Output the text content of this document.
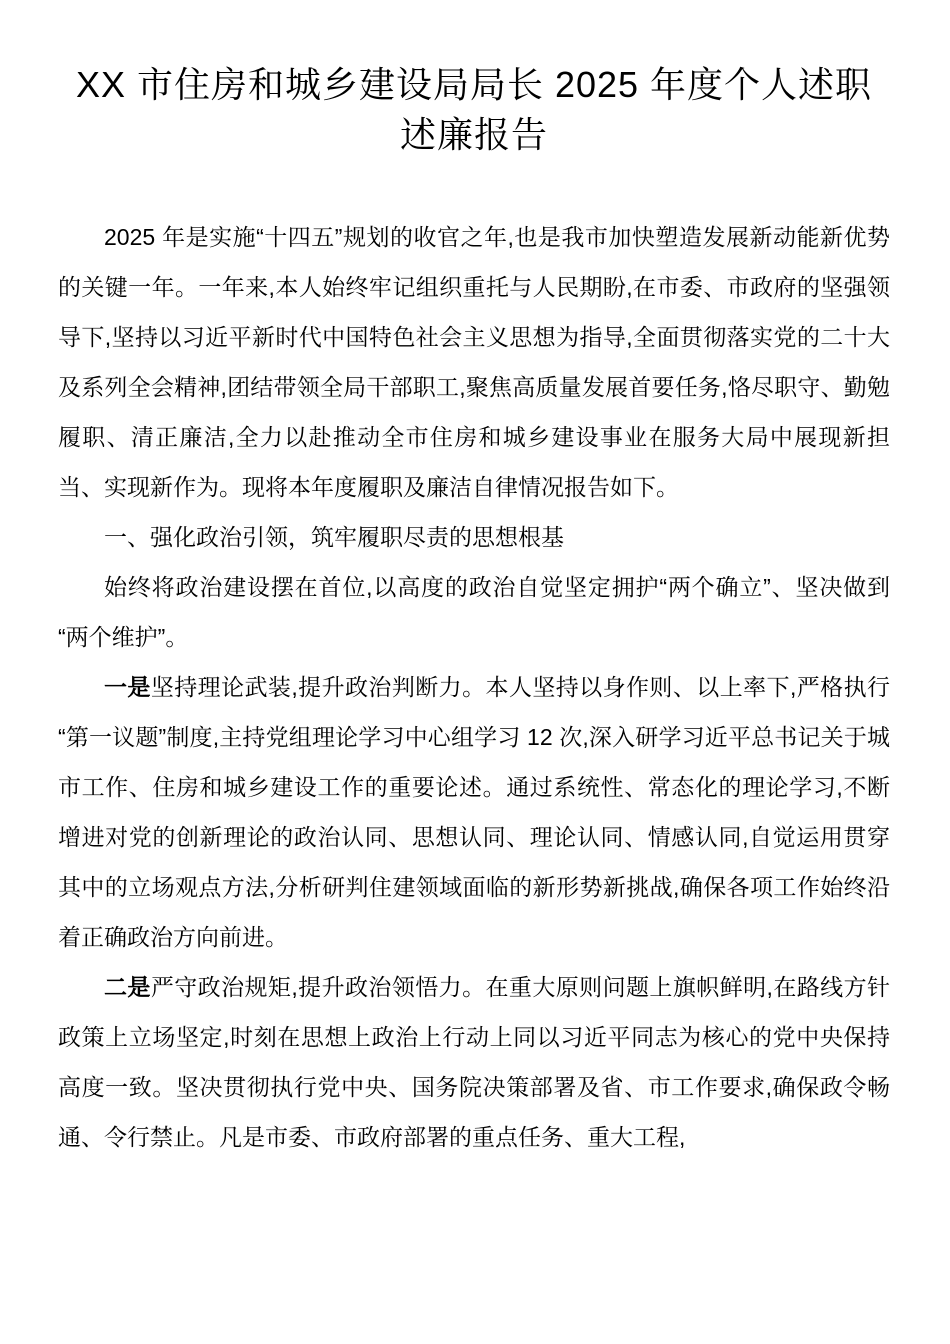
XX 市住房和城乡建设局局长 2025 年度个人述职述廉报告

2025 年是实施“十四五”规划的收官之年,也是我市加快塑造发展新动能新优势的关键一年。一年来,本人始终牢记组织重托与人民期盼,在市委、市政府的坚强领导下,坚持以习近平新时代中国特色社会主义思想为指导,全面贯彻落实党的二十大及系列全会精神,团结带领全局干部职工,聚焦高质量发展首要任务,恪尽职守、勤勉履职、清正廉洁,全力以赴推动全市住房和城乡建设事业在服务大局中展现新担当、实现新作为。现将本年度履职及廉洁自律情况报告如下。

一、强化政治引领，筑牢履职尽责的思想根基

始终将政治建设摆在首位,以高度的政治自觉坚定拥护“两个确立”、坚决做到“两个维护”。

一是坚持理论武装,提升政治判断力。本人坚持以身作则、以上率下,严格执行“第一议题”制度,主持党组理论学习中心组学习 12 次,深入研学习近平总书记关于城市工作、住房和城乡建设工作的重要论述。通过系统性、常态化的理论学习,不断增进对党的创新理论的政治认同、思想认同、理论认同、情感认同,自觉运用贯穿其中的立场观点方法,分析研判住建领域面临的新形势新挑战,确保各项工作始终沿着正确政治方向前进。

二是严守政治规矩,提升政治领悟力。在重大原则问题上旗帜鲜明,在路线方针政策上立场坚定,时刻在思想上政治上行动上同以习近平同志为核心的党中央保持高度一致。坚决贯彻执行党中央、国务院决策部署及省、市工作要求,确保政令畅通、令行禁止。凡是市委、市政府部署的重点任务、重大工程,
